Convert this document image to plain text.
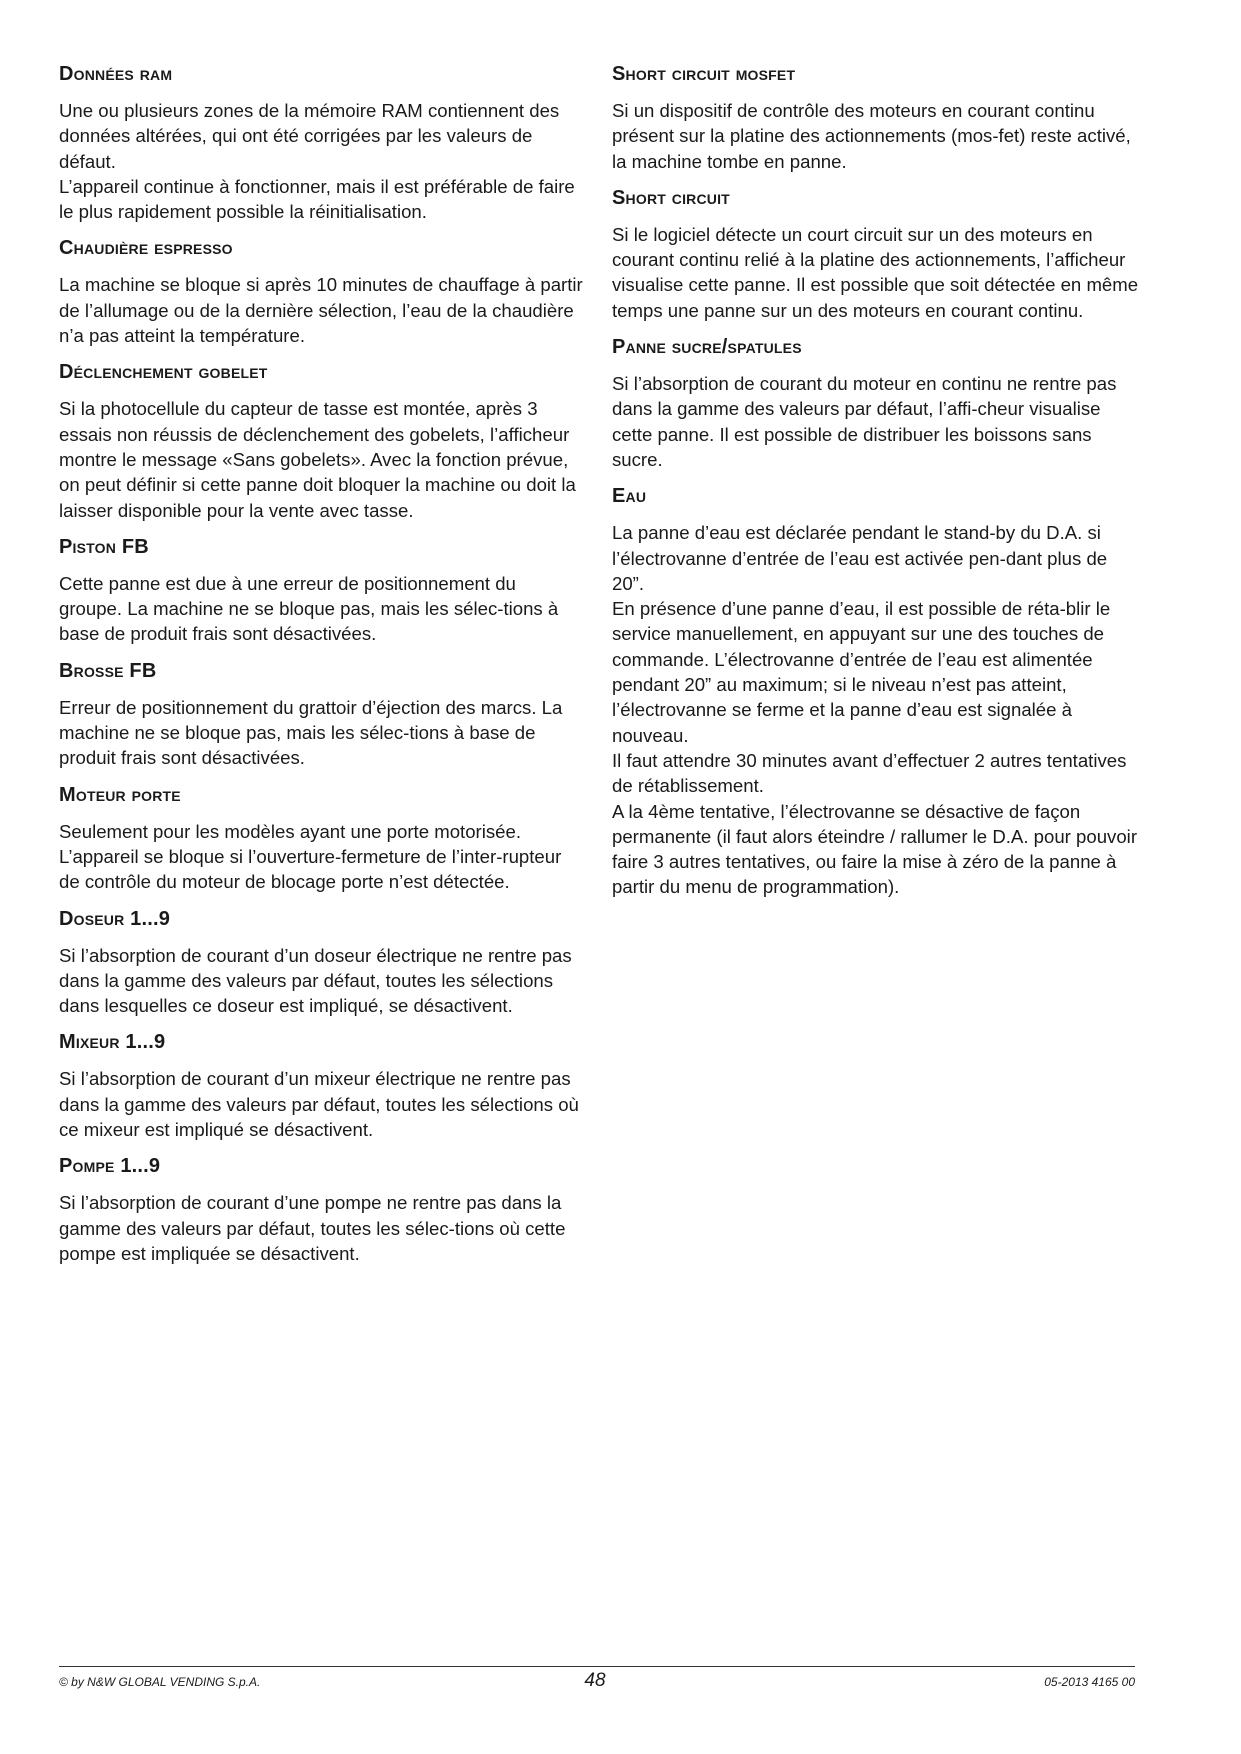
Données ram

Une ou plusieurs zones de la mémoire RAM contiennent des données altérées, qui ont été corrigées par les valeurs de défaut.

L’appareil continue à fonctionner, mais il est préférable de faire le plus rapidement possible la réinitialisation.

Chaudière espresso

La machine se bloque si après 10 minutes de chauffage à partir de l’allumage ou de la dernière sélection, l’eau de la chaudière n’a pas atteint la température.

Déclenchement gobelet

Si la photocellule du capteur de tasse est montée, après 3 essais non réussis de déclenchement des gobelets, l’afficheur montre le message «Sans gobelets». Avec la fonction prévue, on peut définir si cette panne doit bloquer la machine ou doit la laisser disponible pour la vente avec tasse.

Piston FB

Cette panne est due à une erreur de positionnement du groupe. La machine ne se bloque pas, mais les sélec-tions à base de produit frais sont désactivées.

Brosse FB

Erreur de positionnement du grattoir d’éjection des marcs. La machine ne se bloque pas, mais les sélec-tions à base de produit frais sont désactivées.

Moteur porte

Seulement pour les modèles ayant une porte motorisée. L’appareil se bloque si l’ouverture-fermeture de l’inter-rupteur de contrôle du moteur de blocage porte n’est détectée.

Doseur 1...9

Si l’absorption de courant d’un doseur électrique ne rentre pas dans la gamme des valeurs par défaut, toutes les sélections dans lesquelles ce doseur est impliqué, se désactivent.

Mixeur 1...9

Si l’absorption de courant d’un mixeur électrique ne rentre pas dans la gamme des valeurs par défaut, toutes les sélections où ce mixeur est impliqué se désactivent.

Pompe 1...9

Si l’absorption de courant d’une pompe ne rentre pas dans la gamme des valeurs par défaut, toutes les sélec-tions où cette pompe est impliquée se désactivent.

Short circuit mosfet

Si un dispositif de contrôle des moteurs en courant continu présent sur la platine des actionnements (mos-fet) reste activé, la machine tombe en panne.

Short circuit

Si le logiciel détecte un court circuit sur un des moteurs en courant continu relié à la platine des actionnements, l’afficheur visualise cette panne. Il est possible que soit détectée en même temps une panne sur un des moteurs en courant continu.

Panne sucre/spatules

Si l’absorption de courant du moteur en continu ne rentre pas dans la gamme des valeurs par défaut, l’affi-cheur visualise cette panne. Il est possible de distribuer les boissons sans sucre.

Eau

La panne d’eau est déclarée pendant le stand-by du D.A. si l’électrovanne d’entrée de l’eau est activée pen-dant plus de 20”.

En présence d’une panne d’eau, il est possible de réta-blir le service manuellement, en appuyant sur une des touches de commande. L’électrovanne d’entrée de l’eau est alimentée pendant 20” au maximum; si le niveau n’est pas atteint, l’électrovanne se ferme et la panne d’eau est signalée à nouveau.

Il faut attendre 30 minutes avant d’effectuer 2 autres tentatives de rétablissement.

A la 4ème tentative, l’électrovanne se désactive de façon permanente (il faut alors éteindre / rallumer le D.A. pour pouvoir faire 3 autres tentatives, ou faire la mise à zéro de la panne à partir du menu de programmation).

© by N&W GLOBAL VENDING S.p.A.	48	05-2013 4165 00
